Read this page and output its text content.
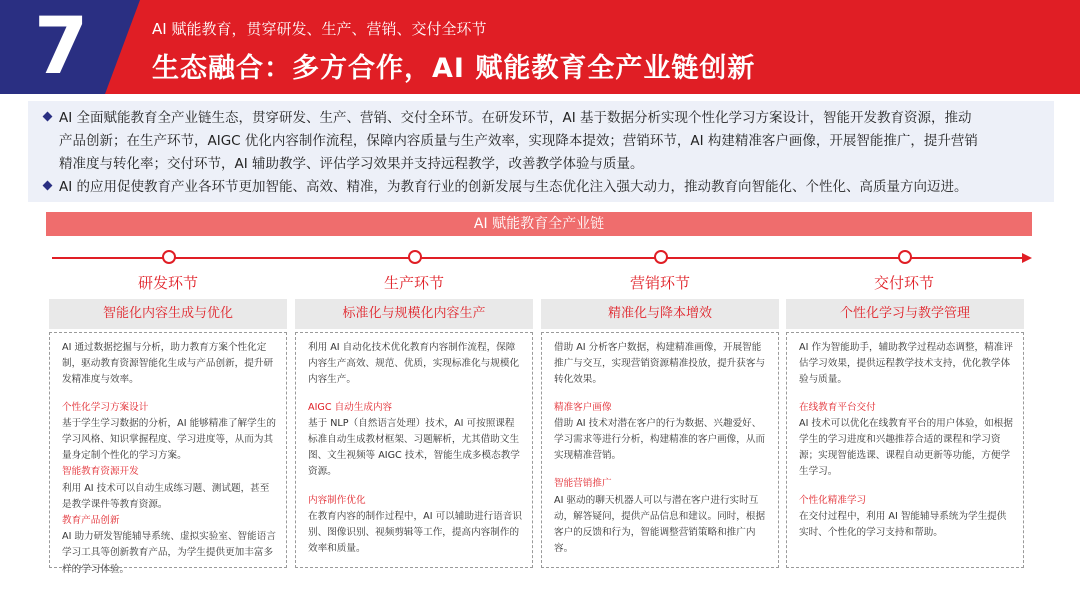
7	AI 赋能教育，贯穿研发、生产、营销、交付全环节
生态融合：多方合作，AI 赋能教育全产业链创新
AI 全面赋能教育全产业链生态，贯穿研发、生产、营销、交付全环节。在研发环节，AI 基于数据分析实现个性化学习方案设计，智能开发教育资源，推动
产品创新；在生产环节，AIGC 优化内容制作流程，保障内容质量与生产效率，实现降本提效；营销环节，AI 构建精准客户画像，开展智能推广，提升营销
精准度与转化率；交付环节，AI 辅助教学、评估学习效果并支持远程教学，改善教学体验与质量。
AI 的应用促使教育产业各环节更加智能、高效、精准，为教育行业的创新发展与生态优化注入强大动力，推动教育向智能化、个性化、高质量方向迈进。
AI 赋能教育全产业链
研发环节	生产环节	营销环节	交付环节
智能化内容生成与优化	标准化与规模化内容生产	精准化与降本增效	个性化学习与教学管理

AI 通过数据挖掘与分析，助力教育方案个性化定制，驱动教育资源智能化生成与产品创新，提升研发精准度与效率。

个性化学习方案设计

基于学生学习数据的分析，AI 能够精准了解学生的学习风格、知识掌握程度、学习进度等，从而为其量身定制个性化的学习方案。

智能教育资源开发

利用 AI 技术可以自动生成练习题、测试题，甚至是教学课件等教育资源。

教育产品创新

AI 助力研发智能辅导系统、虚拟实验室、智能语言学习工具等创新教育产品，为学生提供更加丰富多样的学习体验。

利用 AI 自动化技术优化教育内容制作流程，保障内容生产高效、规范、优质，实现标准化与规模化内容生产。

AIGC 自动生成内容

基于 NLP（自然语言处理）技术，AI 可按照课程标准自动生成教材框架、习题解析，尤其借助文生图、文生视频等 AIGC 技术，智能生成多模态教学资源。

内容制作优化

在教育内容的制作过程中，AI 可以辅助进行语音识别、图像识别、视频剪辑等工作，提高内容制作的效率和质量。

借助 AI 分析客户数据，构建精准画像，开展智能推广与交互，实现营销资源精准投放，提升获客与转化效果。

精准客户画像

借助 AI 技术对潜在客户的行为数据、兴趣爱好、学习需求等进行分析，构建精准的客户画像，从而实现精准营销。

智能营销推广

AI 驱动的聊天机器人可以与潜在客户进行实时互动，解答疑问，提供产品信息和建议。同时，根据客户的反馈和行为，智能调整营销策略和推广内容。

AI 作为智能助手，辅助教学过程动态调整，精准评估学习效果，提供远程教学技术支持，优化教学体验与质量。

在线教育平台交付

AI 技术可以优化在线教育平台的用户体验，如根据学生的学习进度和兴趣推荐合适的课程和学习资源；实现智能选课、课程自动更新等功能，方便学生学习。

个性化精准学习

在交付过程中，利用 AI 智能辅导系统为学生提供实时、个性化的学习支持和帮助。
